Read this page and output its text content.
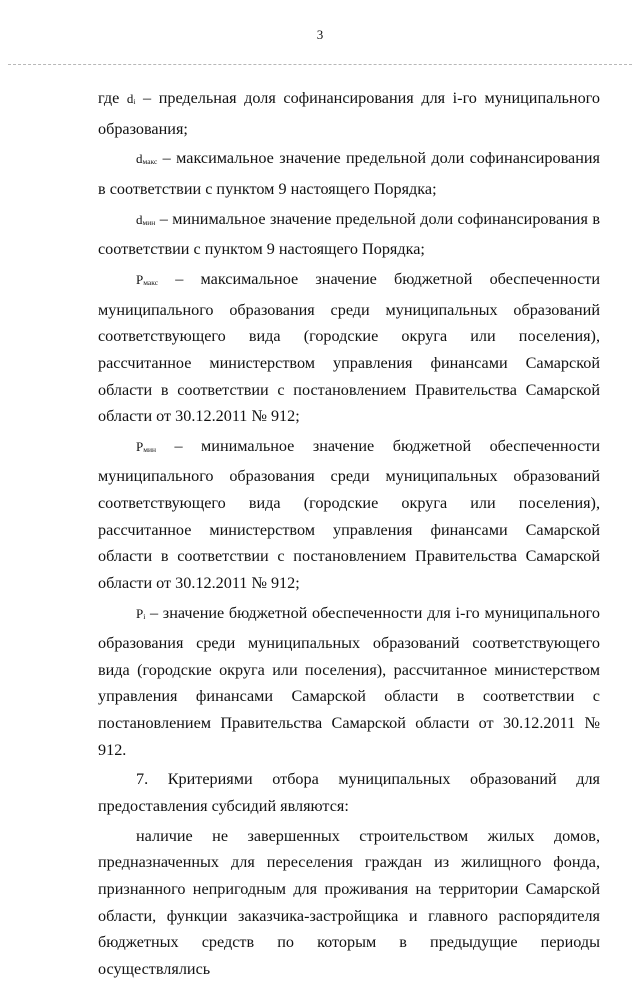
3

где di – предельная доля софинансирования для i-го муниципального образования;

dмакс – максимальное значение предельной доли софинансирования в соответствии с пунктом 9 настоящего Порядка;

dмин – минимальное значение предельной доли софинансирования в соответствии с пунктом 9 настоящего Порядка;

Рмакс – максимальное значение бюджетной обеспеченности муниципального образования среди муниципальных образований соответствующего вида (городские округа или поселения), рассчитанное министерством управления финансами Самарской области в соответствии с постановлением Правительства Самарской области от 30.12.2011 № 912;

Рмин – минимальное значение бюджетной обеспеченности муниципального образования среди муниципальных образований соответствующего вида (городские округа или поселения), рассчитанное министерством управления финансами Самарской области в соответствии с постановлением Правительства Самарской области от 30.12.2011 № 912;

Рi – значение бюджетной обеспеченности для i-го муниципального образования среди муниципальных образований соответствующего вида (городские округа или поселения), рассчитанное министерством управления финансами Самарской области в соответствии с постановлением Правительства Самарской области от 30.12.2011 № 912.

7. Критериями отбора муниципальных образований для предоставления субсидий являются:

наличие не завершенных строительством жилых домов, предназначенных для переселения граждан из жилищного фонда, признанного непригодным для проживания на территории Самарской области, функции заказчика-застройщика и главного распорядителя бюджетных средств по которым в предыдущие периоды осуществлялись
